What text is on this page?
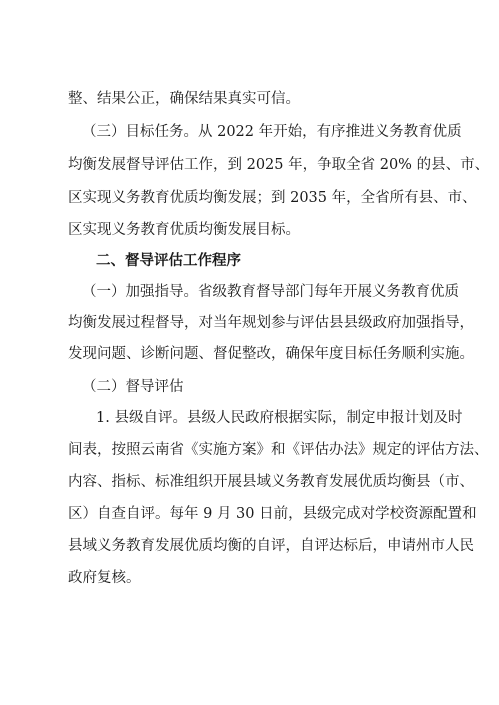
整、结果公正，确保结果真实可信。
（三）目标任务。从 2022 年开始，有序推进义务教育优质
均衡发展督导评估工作，到 2025 年，争取全省 20% 的县、市、
区实现义务教育优质均衡发展；到 2035 年，全省所有县、市、
区实现义务教育优质均衡发展目标。
二、督导评估工作程序
（一）加强指导。省级教育督导部门每年开展义务教育优质
均衡发展过程督导，对当年规划参与评估县县级政府加强指导，
发现问题、诊断问题、督促整改，确保年度目标任务顺利实施。
（二）督导评估
1. 县级自评。县级人民政府根据实际，制定申报计划及时
间表，按照云南省《实施方案》和《评估办法》规定的评估方法、
内容、指标、标准组织开展县域义务教育发展优质均衡县（市、
区）自查自评。每年 9 月 30 日前，县级完成对学校资源配置和
县域义务教育发展优质均衡的自评，自评达标后，申请州市人民
政府复核。
